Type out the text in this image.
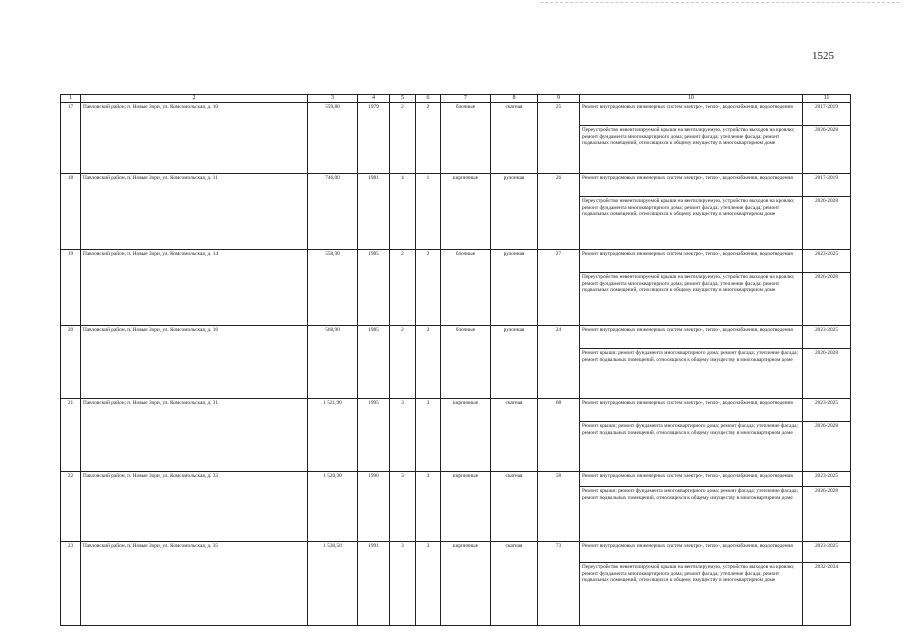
1525
1	2	3	4	5	6	7	8	9	10	11
17	Павловский район, п. Новые Зори, ул. Комсомольская, д. 10	559,80	1979	2	2	блочные	скатная	25	Ремонт внутридомовых инженерных систем электро-, тепло-, водоснабжения, водоотведения	2017-2019
									Переустройство невентилируемой крыши на вентилируемую, устройство выходов на кровлю; ремонт фундамента многоквартирного дома; ремонт фасада; утепление фасада; ремонт подвальных помещений, относящихся к общему имуществу в многоквартирном доме	2026-2028
18	Павловский район, п. Новые Зори, ул. Комсомольская, д. 11	746,00	1981	4	1	кирпичные	рулонная	26	Ремонт внутридомовых инженерных систем электро-, тепло-, водоснабжения, водоотведения	2017-2019
									Переустройство невентилируемой крыши на вентилируемую, устройство выходов на кровлю; ремонт фундамента многоквартирного дома; ремонт фасада; утепление фасада; ремонт подвальных помещений, относящихся к общему имуществу в многоквартирном доме	2026-2028
19	Павловский район, п. Новые Зори, ул. Комсомольская, д. 14	558,30	1985	2	2	блочные	рулонная	27	Ремонт внутридомовых инженерных систем электро-, тепло-, водоснабжения, водоотведения	2023-2025
									Переустройство невентилируемой крыши на вентилируемую, устройство выходов на кровлю; ремонт фундамента многоквартирного дома; ремонт фасада; утепление фасада; ремонт подвальных помещений, относящихся к общему имуществу в многоквартирном доме	2026-2028
20	Павловский район, п. Новые Зори, ул. Комсомольская, д. 16	568,90	1985	2	2	блочные	рулонная	24	Ремонт внутридомовых инженерных систем электро-, тепло-, водоснабжения, водоотведения	2023-2025
									Ремонт крыши; ремонт фундамента многоквартирного дома; ремонт фасада; утепление фасада; ремонт подвальных помещений, относящихся к общему имуществу в многоквартирном доме	2026-2028
21	Павловский район, п. Новые Зори, ул. Комсомольская, д. 31	1 521,90	1995	3	3	кирпичные	скатная	68	Ремонт внутридомовых инженерных систем электро-, тепло-, водоснабжения, водоотведения	2023-2025
									Ремонт крыши; ремонт фундамента многоквартирного дома; ремонт фасада; утепление фасада; ремонт подвальных помещений, относящихся к общему имуществу в многоквартирном доме	2026-2028
22	Павловский район, п. Новые Зори, ул. Комсомольская, д. 33	1 520,30	1990	3	3	кирпичные	скатная	58	Ремонт внутридомовых инженерных систем электро-, тепло-, водоснабжения, водоотведения	2023-2025
									Ремонт крыши; ремонт фундамента многоквартирного дома; ремонт фасада; утепление фасада; ремонт подвальных помещений, относящихся к общему имуществу в многоквартирном доме	2026-2028
23	Павловский район, п. Новые Зори, ул. Комсомольская, д. 35	1 530,50	1991	3	3	кирпичные	скатная	73	Ремонт внутридомовых инженерных систем электро-, тепло-, водоснабжения, водоотведения	2023-2025
									Переустройство невентилируемой крыши на вентилируемую, устройство выходов на кровлю; ремонт фундамента многоквартирного дома; ремонт фасада; утепление фасада; ремонт подвальных помещений, относящихся к общему имуществу в многоквартирном доме	2032-2034
